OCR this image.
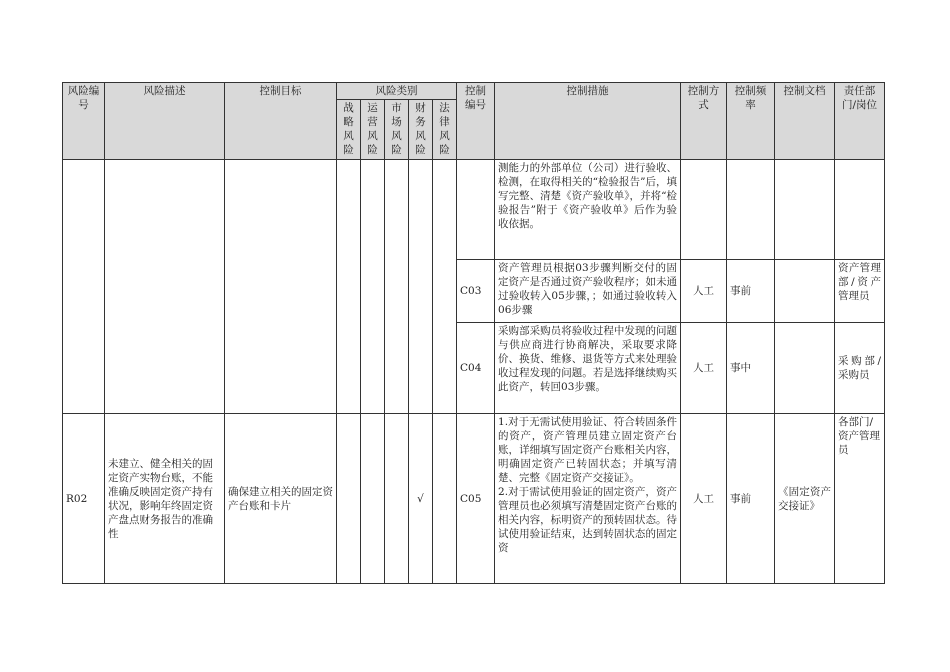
风险编号	风险描述	控制目标	风险类别					控制编号	控制措施	控制方式	控制频率	控制文档	责任部门/岗位

			战略风险	运营风险	市场风险	财务风险	法律风险						

									测能力的外部单位（公司）进行验收、检测，在取得相关的“检验报告”后，填写完整、清楚《资产验收单》，并将“检验报告”附于《资产验收单》后作为验收依据。				
								C03	资产管理员根据03步骤判断交付的固定资产是否通过资产验收程序；如未通过验收转入05步骤，；如通过验收转入06步骤	人工	事前		资产管理部/资产管理员
								C04	采购部采购员将验收过程中发现的问题与供应商进行协商解决，采取要求降价、换货、维修、退货等方式来处理验收过程发现的问题。若是选择继续购买此资产，转回03步骤。	人工	事中		采购部/采购员
R02	未建立、健全相关的固定资产实物台账，不能准确反映固定资产持有状况，影响年终固定资产盘点财务报告的准确性	确保建立相关的固定资产台账和卡片				√		C05	1.对于无需试使用验证、符合转固条件的资产，资产管理员建立固定资产台账，详细填写固定资产台账相关内容，明确固定资产已转固状态；并填写清楚、完整《固定资产交接证》。
2.对于需试使用验证的固定资产，资产管理员也必须填写清楚固定资产台账的相关内容，标明资产的预转固状态。待试使用验证结束，达到转固状态的固定资	人工	事前	《固定资产交接证》	各部门/资产管理员
